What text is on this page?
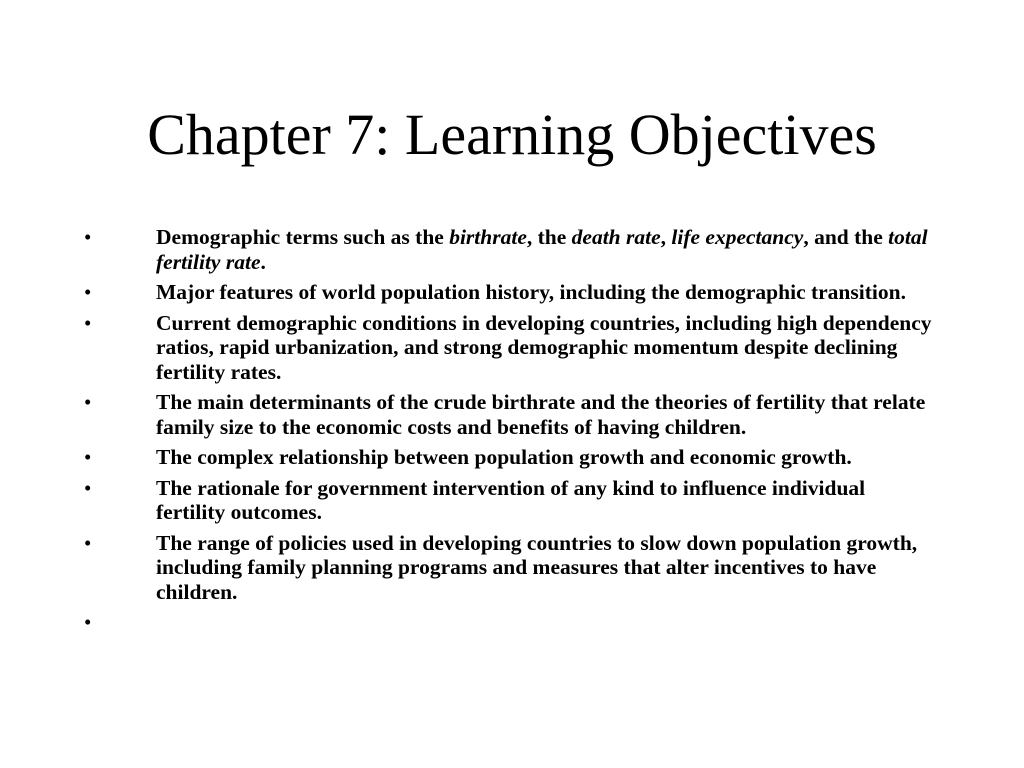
Chapter 7: Learning Objectives
•	Demographic terms such as the birthrate, the death rate, life expectancy, and the total fertility rate.
•	Major features of world population history, including the demographic transition.
•	Current demographic conditions in developing countries, including high dependency ratios, rapid urbanization, and strong demographic momentum despite declining fertility rates.
•	The main determinants of the crude birthrate and the theories of fertility that relate family size to the economic costs and benefits of having children.
•	The complex relationship between population growth and economic growth.
•	The rationale for government intervention of any kind to influence individual fertility outcomes.
•	The range of policies used in developing countries to slow down population growth, including family planning programs and measures that alter incentives to have children.
•
